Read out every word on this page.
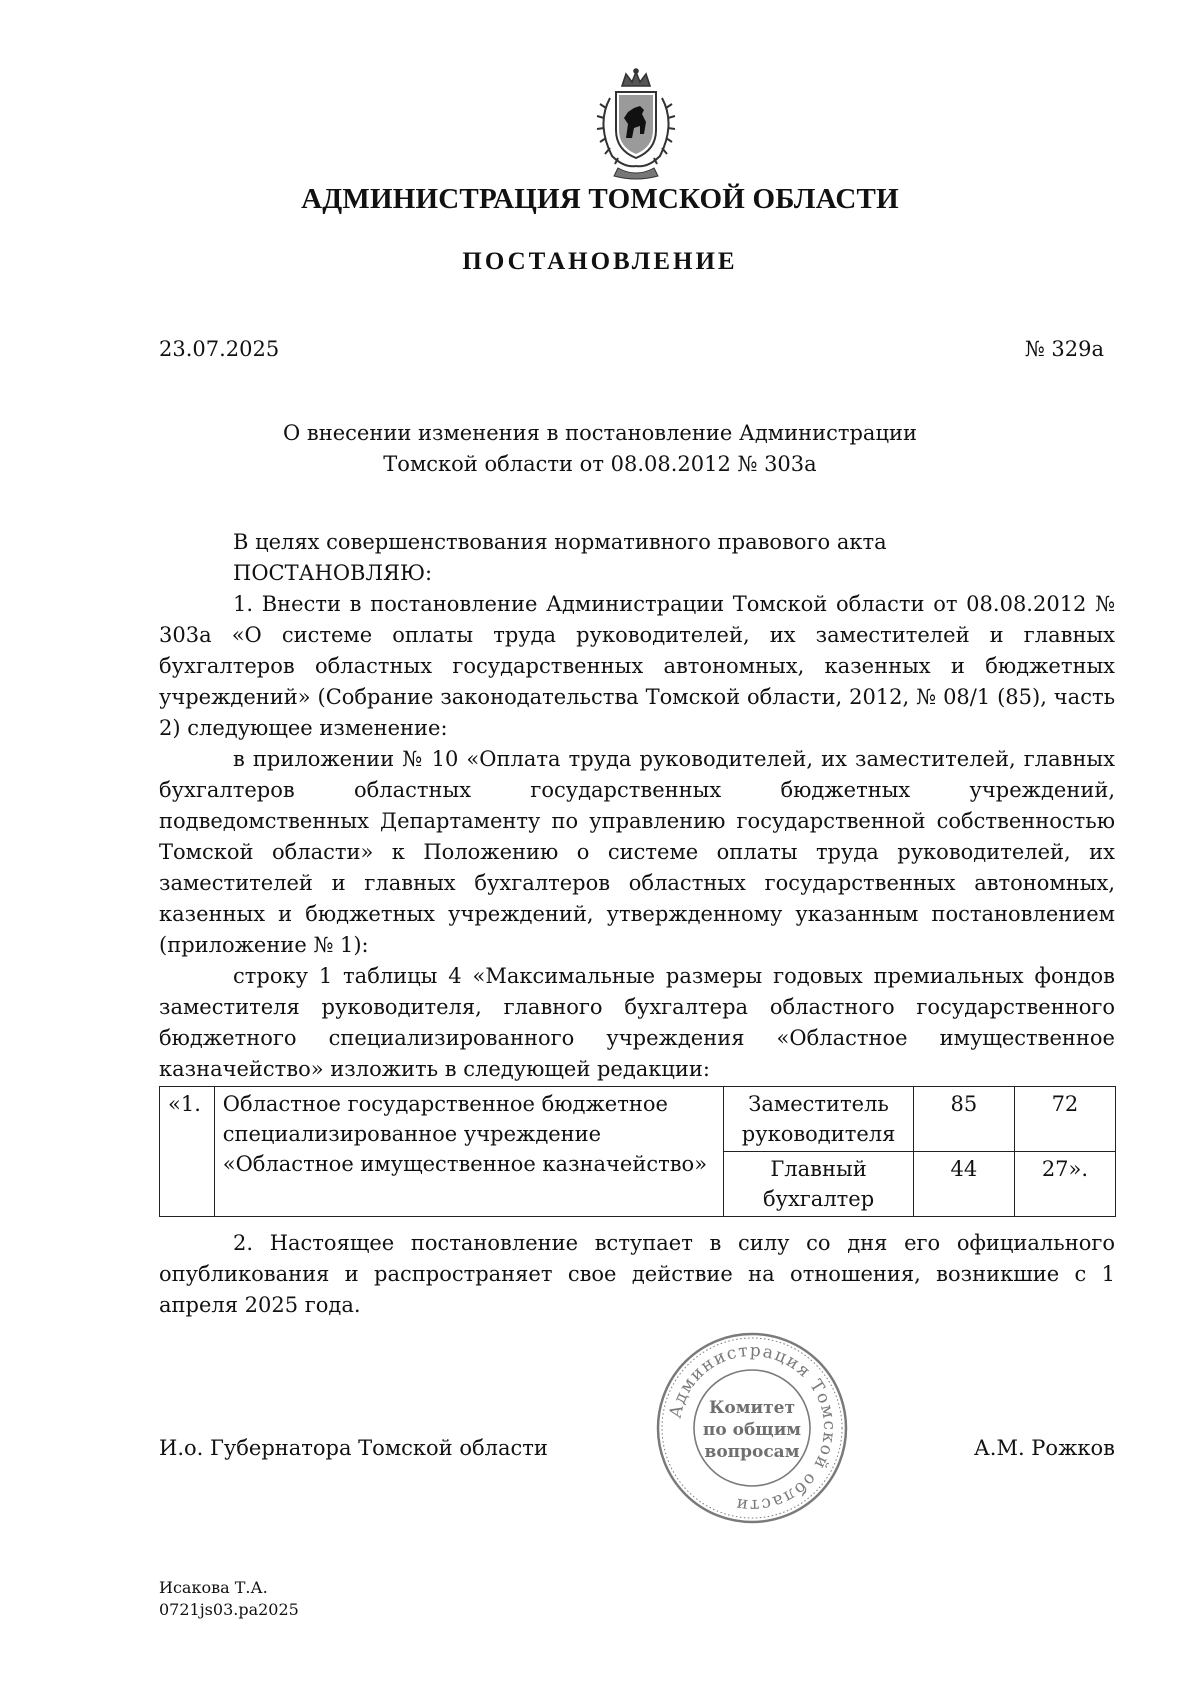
АДМИНИСТРАЦИЯ ТОМСКОЙ ОБЛАСТИ
ПОСТАНОВЛЕНИЕ
23.07.2025	№ 329а
О внесении изменения в постановление Администрации
Томской области от 08.08.2012 № 303а

В целях совершенствования нормативного правового акта

ПОСТАНОВЛЯЮ:

1. Внести в постановление Администрации Томской области от 08.08.2012 № 303а «О системе оплаты труда руководителей, их заместителей и главных бухгалтеров областных государственных автономных, казенных и бюджетных учреждений» (Собрание законодательства Томской области, 2012, № 08/1 (85), часть 2) следующее изменение:

в приложении № 10 «Оплата труда руководителей, их заместителей, главных бухгалтеров областных государственных бюджетных учреждений, подведомственных Департаменту по управлению государственной собственностью Томской области» к Положению о системе оплаты труда руководителей, их заместителей и главных бухгалтеров областных государственных автономных, казенных и бюджетных учреждений, утвержденному указанным постановлением (приложение № 1):

строку 1 таблицы 4 «Максимальные размеры годовых премиальных фондов заместителя руководителя, главного бухгалтера областного государственного бюджетного специализированного учреждения «Областное имущественное казначейство» изложить в следующей редакции:

«1.	Областное государственное бюджетное специализированное учреждение «Областное имущественное казначейство»	Заместитель руководителя	85	72
		Главный бухгалтер	44	27».

2. Настоящее постановление вступает в силу со дня его официального опубликования и распространяет свое действие на отношения, возникшие с 1 апреля 2025 года.

И.о. Губернатора Томской области	А.М. Рожков
Администрация Томской области
Комитет
по общим
вопросам
Исакова Т.А.
0721js03.pa2025
